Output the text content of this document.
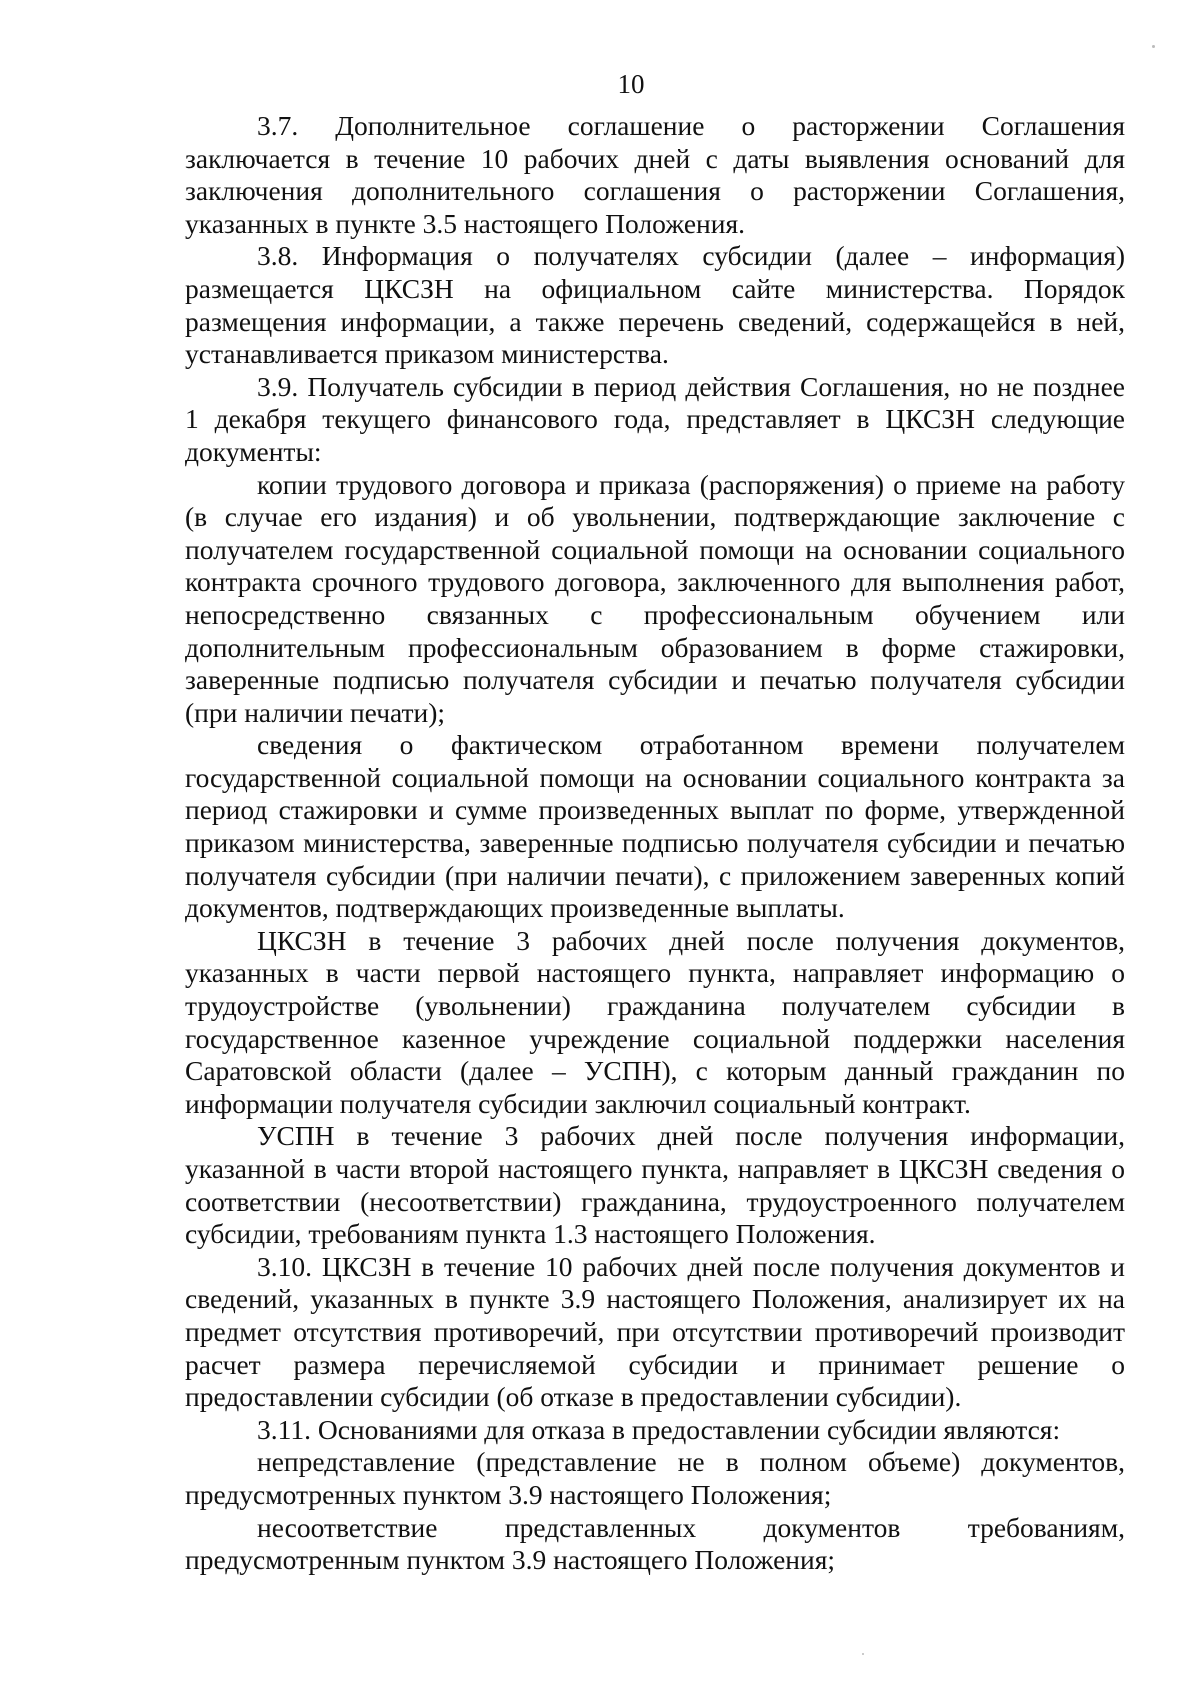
10

3.7. Дополнительное соглашение о расторжении Соглашения заключается в течение 10 рабочих дней с даты выявления оснований для заключения дополнительного соглашения о расторжении Соглашения, указанных в пункте 3.5 настоящего Положения.

3.8. Информация о получателях субсидии (далее – информация) размещается ЦКСЗН на официальном сайте министерства. Порядок размещения информации, а также перечень сведений, содержащейся в ней, устанавливается приказом министерства.

3.9. Получатель субсидии в период действия Соглашения, но не позднее 1 декабря текущего финансового года, представляет в ЦКСЗН следующие документы:

копии трудового договора и приказа (распоряжения) о приеме на работу (в случае его издания) и об увольнении, подтверждающие заключение с получателем государственной социальной помощи на основании социального контракта срочного трудового договора, заключенного для выполнения работ, непосредственно связанных с профессиональным обучением или дополнительным профессиональным образованием в форме стажировки, заверенные подписью получателя субсидии и печатью получателя субсидии (при наличии печати);

сведения о фактическом отработанном времени получателем государственной социальной помощи на основании социального контракта за период стажировки и сумме произведенных выплат по форме, утвержденной приказом министерства, заверенные подписью получателя субсидии и печатью получателя субсидии (при наличии печати), с приложением заверенных копий документов, подтверждающих произведенные выплаты.

ЦКСЗН в течение 3 рабочих дней после получения документов, указанных в части первой настоящего пункта, направляет информацию о трудоустройстве (увольнении) гражданина получателем субсидии в государственное казенное учреждение социальной поддержки населения Саратовской области (далее – УСПН), с которым данный гражданин по информации получателя субсидии заключил социальный контракт.

УСПН в течение 3 рабочих дней после получения информации, указанной в части второй настоящего пункта, направляет в ЦКСЗН сведения о соответствии (несоответствии) гражданина, трудоустроенного получателем субсидии, требованиям пункта 1.3 настоящего Положения.

3.10. ЦКСЗН в течение 10 рабочих дней после получения документов и сведений, указанных в пункте 3.9 настоящего Положения, анализирует их на предмет отсутствия противоречий, при отсутствии противоречий производит расчет размера перечисляемой субсидии и принимает решение о предоставлении субсидии (об отказе в предоставлении субсидии).

3.11. Основаниями для отказа в предоставлении субсидии являются:

непредставление (представление не в полном объеме) документов, предусмотренных пунктом 3.9 настоящего Положения;

несоответствие представленных документов требованиям, предусмотренным пунктом 3.9 настоящего Положения;
